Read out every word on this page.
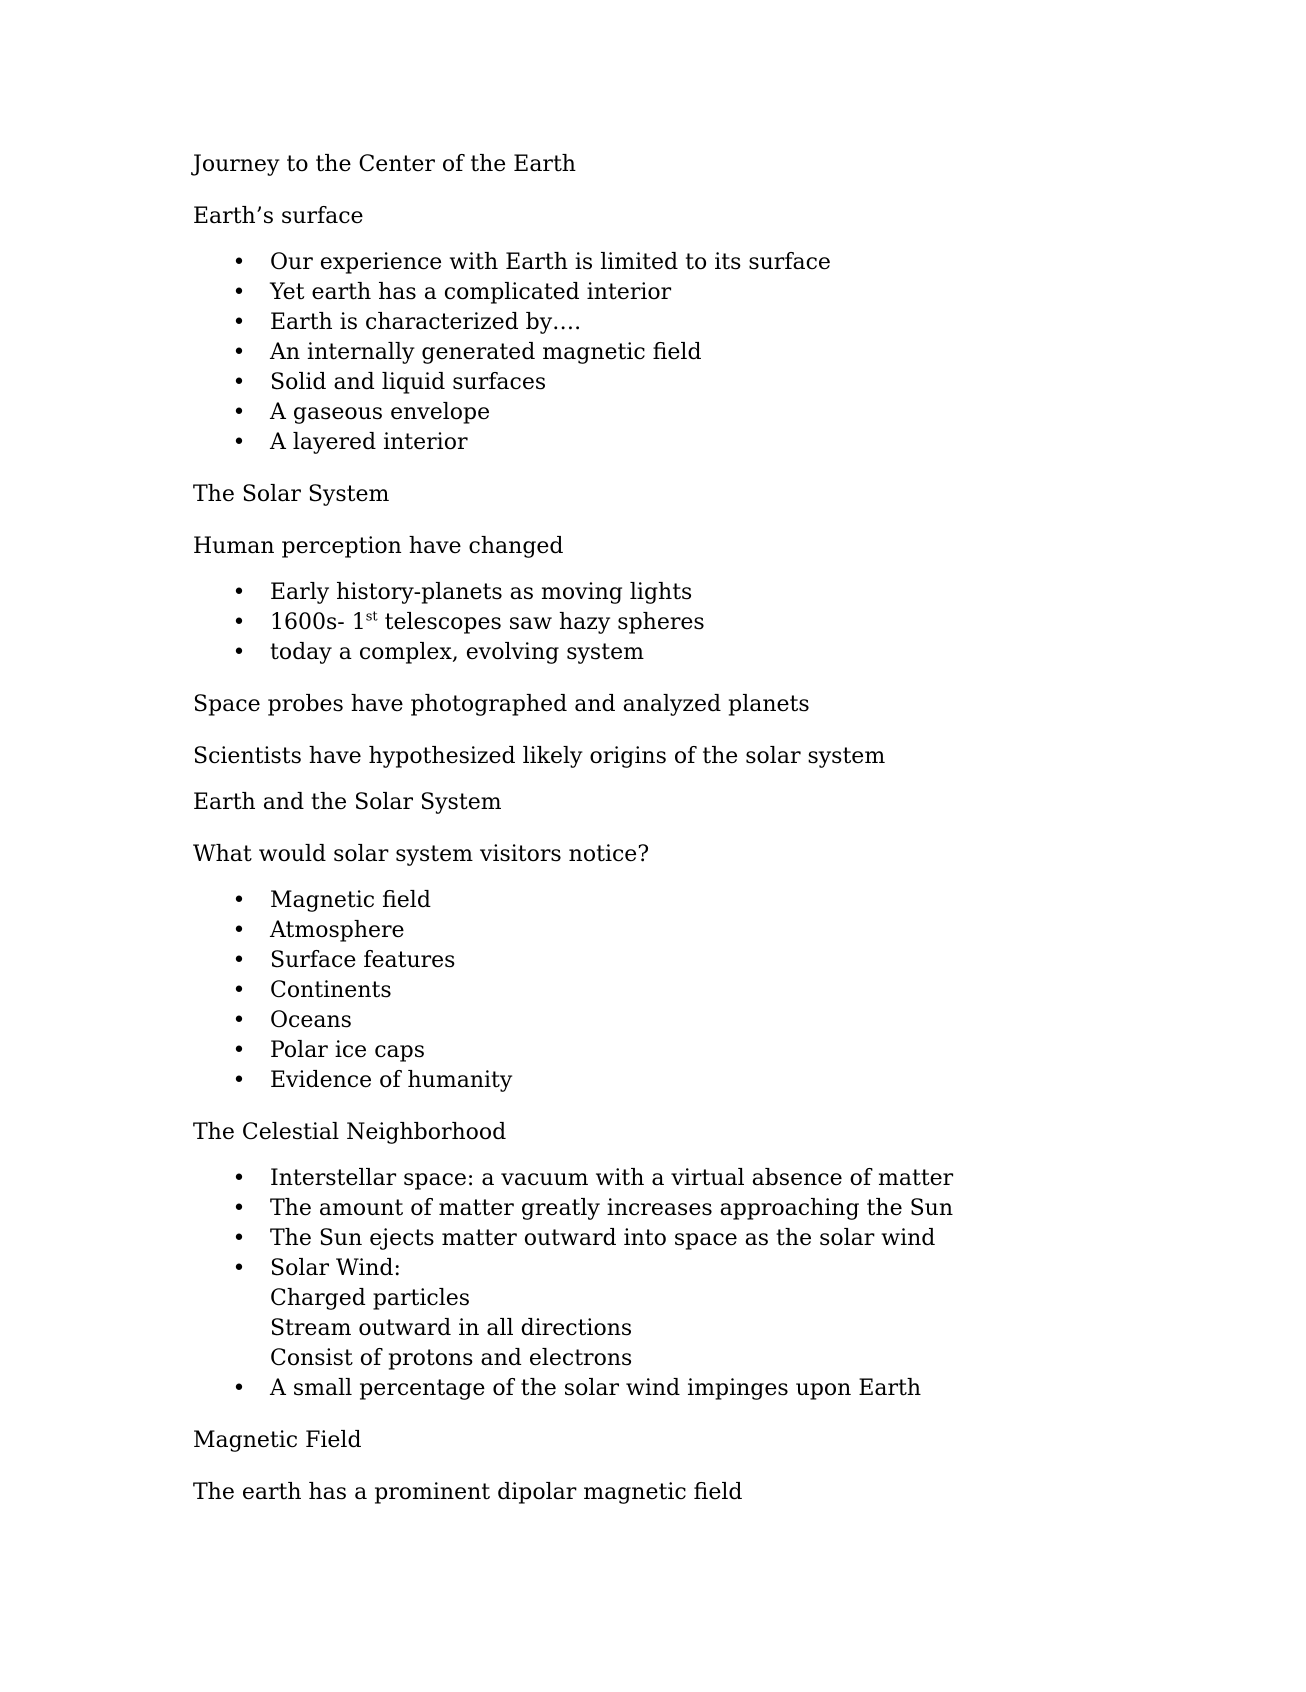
Journey to the Center of the Earth

Earth’s surface

• Our experience with Earth is limited to its surface
• Yet earth has a complicated interior
• Earth is characterized by….
• An internally generated magnetic field
• Solid and liquid surfaces
• A gaseous envelope
• A layered interior

The Solar System

Human perception have changed

• Early history-planets as moving lights
• 1600s- 1st telescopes saw hazy spheres
• today a complex, evolving system

Space probes have photographed and analyzed planets

Scientists have hypothesized likely origins of the solar system

Earth and the Solar System

What would solar system visitors notice?

• Magnetic field
• Atmosphere
• Surface features
• Continents
• Oceans
• Polar ice caps
• Evidence of humanity

The Celestial Neighborhood

• Interstellar space: a vacuum with a virtual absence of matter
• The amount of matter greatly increases approaching the Sun
• The Sun ejects matter outward into space as the solar wind
• Solar Wind:
Charged particles
Stream outward in all directions
Consist of protons and electrons
• A small percentage of the solar wind impinges upon Earth

Magnetic Field

The earth has a prominent dipolar magnetic field
